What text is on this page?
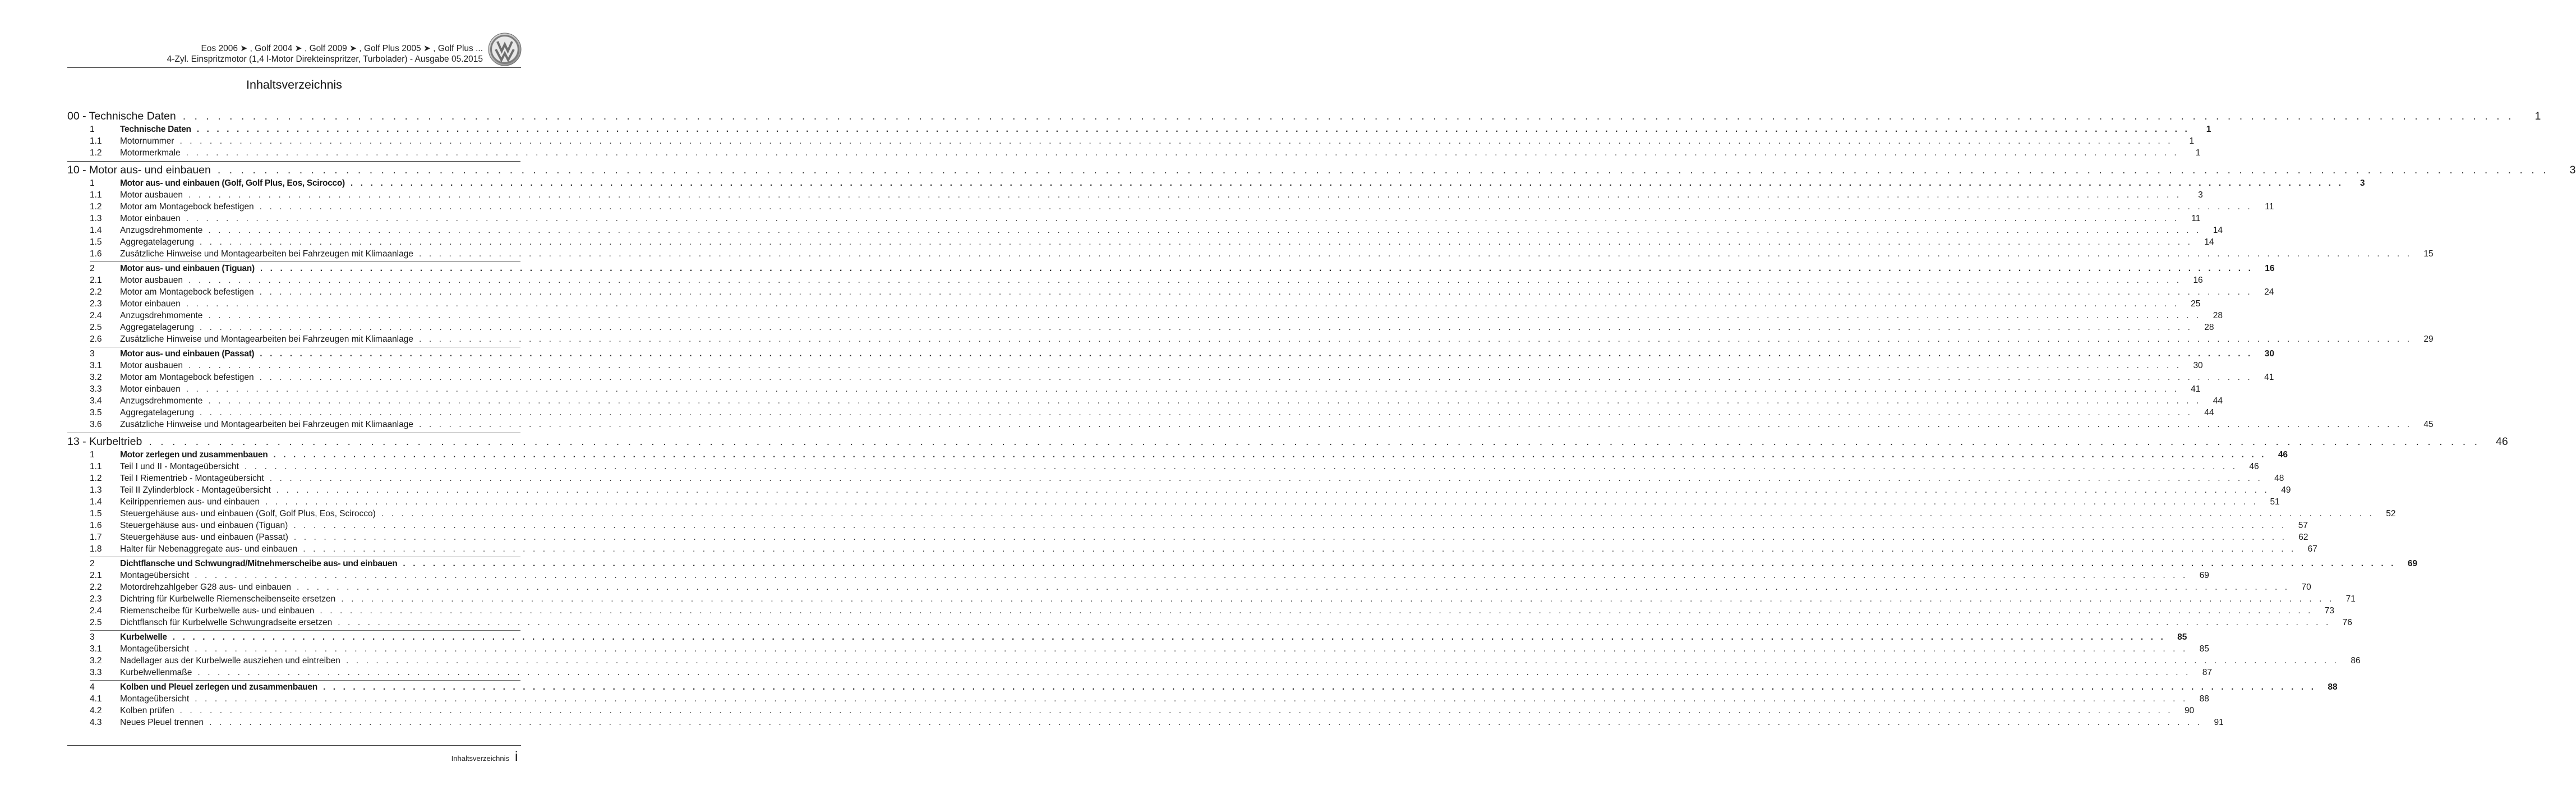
Eos 2006 ➤ , Golf 2004 ➤ , Golf 2009 ➤ , Golf Plus 2005 ➤ , Golf Plus ...
4-Zyl. Einspritzmotor (1,4 l-Motor Direkteinspritzer, Turbolader) - Ausgabe 05.2015
Inhaltsverzeichnis
00 - Technische Daten . . . . . . . . . . . . . . . . . . . . . . . . . . . . . . . . . . . . . . . . . . . . . . . . . . . . . . . . . . . . . . . . . . . . . . . . . . . . . . . . . . . . . . . . . . . . . . . . . . . . . . . . . . . . . . . . . . . . . . . . . . . . . . . . . . . . . . . . . . . . . . . . . . . . . . . . . . . . . . . . . . . . . . . . . . . . . . . . . . . . . . . . . . . . . . . . . . . . . . . .	1
1	Technische Daten . . . . . . . . . . . . . . . . . . . . . . . . . . . . . . . . . . . . . . . . . . . . . . . . . . . . . . . . . . . . . . . . . . . . . . . . . . . . . . . . . . . . . . . . . . . . . . . . . . . . . . . . . . . . . . . . . . . . . . . . . . . . . . . . . . . . . . . . . . . . . . . . . . . . . . . . . . . . . . . . . . . . . . . . . . . . . . . . . . . . . . . . . . . . . . . . . . . . . . . .	1
1.1	Motornummer . . . . . . . . . . . . . . . . . . . . . . . . . . . . . . . . . . . . . . . . . . . . . . . . . . . . . . . . . . . . . . . . . . . . . . . . . . . . . . . . . . . . . . . . . . . . . . . . . . . . . . . . . . . . . . . . . . . . . . . . . . . . . . . . . . . . . . . . . . . . . . . . . . . . . . . . . . . . . . . . . . . . . . . . . . . . . . . . . . . . . . . . . . . . . . . . . . . . . . . .	1
1.2	Motormerkmale . . . . . . . . . . . . . . . . . . . . . . . . . . . . . . . . . . . . . . . . . . . . . . . . . . . . . . . . . . . . . . . . . . . . . . . . . . . . . . . . . . . . . . . . . . . . . . . . . . . . . . . . . . . . . . . . . . . . . . . . . . . . . . . . . . . . . . . . . . . . . . . . . . . . . . . . . . . . . . . . . . . . . . . . . . . . . . . . . . . . . . . . . . . . . . . . . . . . . . . .	1
10 - Motor aus- und einbauen . . . . . . . . . . . . . . . . . . . . . . . . . . . . . . . . . . . . . . . . . . . . . . . . . . . . . . . . . . . . . . . . . . . . . . . . . . . . . . . . . . . . . . . . . . . . . . . . . . . . . . . . . . . . . . . . . . . . . . . . . . . . . . . . . . . . . . . . . . . . . . . . . . . . . . . . . . . . . . . . . . . . . . . . . . . . . . . . . . . . . . . . . . . . . . . . . . . . . . . .	3
1	Motor aus- und einbauen (Golf, Golf Plus, Eos, Scirocco) . . . . . . . . . . . . . . . . . . . . . . . . . . . . . . . . . . . . . . . . . . . . . . . . . . . . . . . . . . . . . . . . . . . . . . . . . . . . . . . . . . . . . . . . . . . . . . . . . . . . . . . . . . . . . . . . . . . . . . . . . . . . . . . . . . . . . . . . . . . . . . . . . . . . . . . . . . . . . . . . . . . . . . . . . . . . . . . . . . . . . . . . . . . . . . . . . . . . . . . .	3
1.1	Motor ausbauen . . . . . . . . . . . . . . . . . . . . . . . . . . . . . . . . . . . . . . . . . . . . . . . . . . . . . . . . . . . . . . . . . . . . . . . . . . . . . . . . . . . . . . . . . . . . . . . . . . . . . . . . . . . . . . . . . . . . . . . . . . . . . . . . . . . . . . . . . . . . . . . . . . . . . . . . . . . . . . . . . . . . . . . . . . . . . . . . . . . . . . . . . . . . . . . . . . . . . . . .	3
1.2	Motor am Montagebock befestigen . . . . . . . . . . . . . . . . . . . . . . . . . . . . . . . . . . . . . . . . . . . . . . . . . . . . . . . . . . . . . . . . . . . . . . . . . . . . . . . . . . . . . . . . . . . . . . . . . . . . . . . . . . . . . . . . . . . . . . . . . . . . . . . . . . . . . . . . . . . . . . . . . . . . . . . . . . . . . . . . . . . . . . . . . . . . . . . . . . . . . . . . . . . . . . . . . . . . . . . .	11
1.3	Motor einbauen . . . . . . . . . . . . . . . . . . . . . . . . . . . . . . . . . . . . . . . . . . . . . . . . . . . . . . . . . . . . . . . . . . . . . . . . . . . . . . . . . . . . . . . . . . . . . . . . . . . . . . . . . . . . . . . . . . . . . . . . . . . . . . . . . . . . . . . . . . . . . . . . . . . . . . . . . . . . . . . . . . . . . . . . . . . . . . . . . . . . . . . . . . . . . . . . . . . . . . . .	11
1.4	Anzugsdrehmomente . . . . . . . . . . . . . . . . . . . . . . . . . . . . . . . . . . . . . . . . . . . . . . . . . . . . . . . . . . . . . . . . . . . . . . . . . . . . . . . . . . . . . . . . . . . . . . . . . . . . . . . . . . . . . . . . . . . . . . . . . . . . . . . . . . . . . . . . . . . . . . . . . . . . . . . . . . . . . . . . . . . . . . . . . . . . . . . . . . . . . . . . . . . . . . . . . . . . . . . .	14
1.5	Aggregatelagerung . . . . . . . . . . . . . . . . . . . . . . . . . . . . . . . . . . . . . . . . . . . . . . . . . . . . . . . . . . . . . . . . . . . . . . . . . . . . . . . . . . . . . . . . . . . . . . . . . . . . . . . . . . . . . . . . . . . . . . . . . . . . . . . . . . . . . . . . . . . . . . . . . . . . . . . . . . . . . . . . . . . . . . . . . . . . . . . . . . . . . . . . . . . . . . . . . . . . . . . .	14
1.6	Zusätzliche Hinweise und Montagearbeiten bei Fahrzeugen mit Klimaanlage . . . . . . . . . . . . . . . . . . . . . . . . . . . . . . . . . . . . . . . . . . . . . . . . . . . . . . . . . . . . . . . . . . . . . . . . . . . . . . . . . . . . . . . . . . . . . . . . . . . . . . . . . . . . . . . . . . . . . . . . . . . . . . . . . . . . . . . . . . . . . . . . . . . . . . . . . . . . . . . . . . . . . . . . . . . . . . . . . . . . . . . . . . . . . . . . . . . . . . . .	15
2	Motor aus- und einbauen (Tiguan) . . . . . . . . . . . . . . . . . . . . . . . . . . . . . . . . . . . . . . . . . . . . . . . . . . . . . . . . . . . . . . . . . . . . . . . . . . . . . . . . . . . . . . . . . . . . . . . . . . . . . . . . . . . . . . . . . . . . . . . . . . . . . . . . . . . . . . . . . . . . . . . . . . . . . . . . . . . . . . . . . . . . . . . . . . . . . . . . . . . . . . . . . . . . . . . . . . . . . . . .	16
2.1	Motor ausbauen . . . . . . . . . . . . . . . . . . . . . . . . . . . . . . . . . . . . . . . . . . . . . . . . . . . . . . . . . . . . . . . . . . . . . . . . . . . . . . . . . . . . . . . . . . . . . . . . . . . . . . . . . . . . . . . . . . . . . . . . . . . . . . . . . . . . . . . . . . . . . . . . . . . . . . . . . . . . . . . . . . . . . . . . . . . . . . . . . . . . . . . . . . . . . . . . . . . . . . . .	16
2.2	Motor am Montagebock befestigen . . . . . . . . . . . . . . . . . . . . . . . . . . . . . . . . . . . . . . . . . . . . . . . . . . . . . . . . . . . . . . . . . . . . . . . . . . . . . . . . . . . . . . . . . . . . . . . . . . . . . . . . . . . . . . . . . . . . . . . . . . . . . . . . . . . . . . . . . . . . . . . . . . . . . . . . . . . . . . . . . . . . . . . . . . . . . . . . . . . . . . . . . . . . . . . . . . . . . . . .	24
2.3	Motor einbauen . . . . . . . . . . . . . . . . . . . . . . . . . . . . . . . . . . . . . . . . . . . . . . . . . . . . . . . . . . . . . . . . . . . . . . . . . . . . . . . . . . . . . . . . . . . . . . . . . . . . . . . . . . . . . . . . . . . . . . . . . . . . . . . . . . . . . . . . . . . . . . . . . . . . . . . . . . . . . . . . . . . . . . . . . . . . . . . . . . . . . . . . . . . . . . . . . . . . . . . .	25
2.4	Anzugsdrehmomente . . . . . . . . . . . . . . . . . . . . . . . . . . . . . . . . . . . . . . . . . . . . . . . . . . . . . . . . . . . . . . . . . . . . . . . . . . . . . . . . . . . . . . . . . . . . . . . . . . . . . . . . . . . . . . . . . . . . . . . . . . . . . . . . . . . . . . . . . . . . . . . . . . . . . . . . . . . . . . . . . . . . . . . . . . . . . . . . . . . . . . . . . . . . . . . . . . . . . . . .	28
2.5	Aggregatelagerung . . . . . . . . . . . . . . . . . . . . . . . . . . . . . . . . . . . . . . . . . . . . . . . . . . . . . . . . . . . . . . . . . . . . . . . . . . . . . . . . . . . . . . . . . . . . . . . . . . . . . . . . . . . . . . . . . . . . . . . . . . . . . . . . . . . . . . . . . . . . . . . . . . . . . . . . . . . . . . . . . . . . . . . . . . . . . . . . . . . . . . . . . . . . . . . . . . . . . . . .	28
2.6	Zusätzliche Hinweise und Montagearbeiten bei Fahrzeugen mit Klimaanlage . . . . . . . . . . . . . . . . . . . . . . . . . . . . . . . . . . . . . . . . . . . . . . . . . . . . . . . . . . . . . . . . . . . . . . . . . . . . . . . . . . . . . . . . . . . . . . . . . . . . . . . . . . . . . . . . . . . . . . . . . . . . . . . . . . . . . . . . . . . . . . . . . . . . . . . . . . . . . . . . . . . . . . . . . . . . . . . . . . . . . . . . . . . . . . . . . . . . . . . .	29
3	Motor aus- und einbauen (Passat) . . . . . . . . . . . . . . . . . . . . . . . . . . . . . . . . . . . . . . . . . . . . . . . . . . . . . . . . . . . . . . . . . . . . . . . . . . . . . . . . . . . . . . . . . . . . . . . . . . . . . . . . . . . . . . . . . . . . . . . . . . . . . . . . . . . . . . . . . . . . . . . . . . . . . . . . . . . . . . . . . . . . . . . . . . . . . . . . . . . . . . . . . . . . . . . . . . . . . . . .	30
3.1	Motor ausbauen . . . . . . . . . . . . . . . . . . . . . . . . . . . . . . . . . . . . . . . . . . . . . . . . . . . . . . . . . . . . . . . . . . . . . . . . . . . . . . . . . . . . . . . . . . . . . . . . . . . . . . . . . . . . . . . . . . . . . . . . . . . . . . . . . . . . . . . . . . . . . . . . . . . . . . . . . . . . . . . . . . . . . . . . . . . . . . . . . . . . . . . . . . . . . . . . . . . . . . . .	30
3.2	Motor am Montagebock befestigen . . . . . . . . . . . . . . . . . . . . . . . . . . . . . . . . . . . . . . . . . . . . . . . . . . . . . . . . . . . . . . . . . . . . . . . . . . . . . . . . . . . . . . . . . . . . . . . . . . . . . . . . . . . . . . . . . . . . . . . . . . . . . . . . . . . . . . . . . . . . . . . . . . . . . . . . . . . . . . . . . . . . . . . . . . . . . . . . . . . . . . . . . . . . . . . . . . . . . . . .	41
3.3	Motor einbauen . . . . . . . . . . . . . . . . . . . . . . . . . . . . . . . . . . . . . . . . . . . . . . . . . . . . . . . . . . . . . . . . . . . . . . . . . . . . . . . . . . . . . . . . . . . . . . . . . . . . . . . . . . . . . . . . . . . . . . . . . . . . . . . . . . . . . . . . . . . . . . . . . . . . . . . . . . . . . . . . . . . . . . . . . . . . . . . . . . . . . . . . . . . . . . . . . . . . . . . .	41
3.4	Anzugsdrehmomente . . . . . . . . . . . . . . . . . . . . . . . . . . . . . . . . . . . . . . . . . . . . . . . . . . . . . . . . . . . . . . . . . . . . . . . . . . . . . . . . . . . . . . . . . . . . . . . . . . . . . . . . . . . . . . . . . . . . . . . . . . . . . . . . . . . . . . . . . . . . . . . . . . . . . . . . . . . . . . . . . . . . . . . . . . . . . . . . . . . . . . . . . . . . . . . . . . . . . . . .	44
3.5	Aggregatelagerung . . . . . . . . . . . . . . . . . . . . . . . . . . . . . . . . . . . . . . . . . . . . . . . . . . . . . . . . . . . . . . . . . . . . . . . . . . . . . . . . . . . . . . . . . . . . . . . . . . . . . . . . . . . . . . . . . . . . . . . . . . . . . . . . . . . . . . . . . . . . . . . . . . . . . . . . . . . . . . . . . . . . . . . . . . . . . . . . . . . . . . . . . . . . . . . . . . . . . . . .	44
3.6	Zusätzliche Hinweise und Montagearbeiten bei Fahrzeugen mit Klimaanlage . . . . . . . . . . . . . . . . . . . . . . . . . . . . . . . . . . . . . . . . . . . . . . . . . . . . . . . . . . . . . . . . . . . . . . . . . . . . . . . . . . . . . . . . . . . . . . . . . . . . . . . . . . . . . . . . . . . . . . . . . . . . . . . . . . . . . . . . . . . . . . . . . . . . . . . . . . . . . . . . . . . . . . . . . . . . . . . . . . . . . . . . . . . . . . . . . . . . . . . .	45
13 - Kurbeltrieb . . . . . . . . . . . . . . . . . . . . . . . . . . . . . . . . . . . . . . . . . . . . . . . . . . . . . . . . . . . . . . . . . . . . . . . . . . . . . . . . . . . . . . . . . . . . . . . . . . . . . . . . . . . . . . . . . . . . . . . . . . . . . . . . . . . . . . . . . . . . . . . . . . . . . . . . . . . . . . . . . . . . . . . . . . . . . . . . . . . . . . . . . . . . . . . . . . . . . . . . 46
1	Motor zerlegen und zusammenbauen . . . . . . . . . . . . . . . . . . . . . . . . . . . . . . . . . . . . . . . . . . . . . . . . . . . . . . . . . . . . . . . . . . . . . . . . . . . . . . . . . . . . . . . . . . . . . . . . . . . . . . . . . . . . . . . . . . . . . . . . . . . . . . . . . . . . . . . . . . . . . . . . . . . . . . . . . . . . . . . . . . . . . . . . . . . . . . . . . . . . . . . . . . . . . . . . . . . . . . . .	46
1.1	Teil I und II - Montageübersicht . . . . . . . . . . . . . . . . . . . . . . . . . . . . . . . . . . . . . . . . . . . . . . . . . . . . . . . . . . . . . . . . . . . . . . . . . . . . . . . . . . . . . . . . . . . . . . . . . . . . . . . . . . . . . . . . . . . . . . . . . . . . . . . . . . . . . . . . . . . . . . . . . . . . . . . . . . . . . . . . . . . . . . . . . . . . . . . . . . . . . . . . . . . . . . . . . . . . . . . .	46
1.2	Teil I Riementrieb - Montageübersicht . . . . . . . . . . . . . . . . . . . . . . . . . . . . . . . . . . . . . . . . . . . . . . . . . . . . . . . . . . . . . . . . . . . . . . . . . . . . . . . . . . . . . . . . . . . . . . . . . . . . . . . . . . . . . . . . . . . . . . . . . . . . . . . . . . . . . . . . . . . . . . . . . . . . . . . . . . . . . . . . . . . . . . . . . . . . . . . . . . . . . . . . . . . . . . . . . . . . . . . .	48
1.3	Teil II Zylinderblock - Montageübersicht . . . . . . . . . . . . . . . . . . . . . . . . . . . . . . . . . . . . . . . . . . . . . . . . . . . . . . . . . . . . . . . . . . . . . . . . . . . . . . . . . . . . . . . . . . . . . . . . . . . . . . . . . . . . . . . . . . . . . . . . . . . . . . . . . . . . . . . . . . . . . . . . . . . . . . . . . . . . . . . . . . . . . . . . . . . . . . . . . . . . . . . . . . . . . . . . . . . . . . . .	49
1.4	Keilrippenriemen aus- und einbauen . . . . . . . . . . . . . . . . . . . . . . . . . . . . . . . . . . . . . . . . . . . . . . . . . . . . . . . . . . . . . . . . . . . . . . . . . . . . . . . . . . . . . . . . . . . . . . . . . . . . . . . . . . . . . . . . . . . . . . . . . . . . . . . . . . . . . . . . . . . . . . . . . . . . . . . . . . . . . . . . . . . . . . . . . . . . . . . . . . . . . . . . . . . . . . . . . . . . . . . .	51
1.5	Steuergehäuse aus- und einbauen (Golf, Golf Plus, Eos, Scirocco) . . . . . . . . . . . . . . . . . . . . . . . . . . . . . . . . . . . . . . . . . . . . . . . . . . . . . . . . . . . . . . . . . . . . . . . . . . . . . . . . . . . . . . . . . . . . . . . . . . . . . . . . . . . . . . . . . . . . . . . . . . . . . . . . . . . . . . . . . . . . . . . . . . . . . . . . . . . . . . . . . . . . . . . . . . . . . . . . . . . . . . . . . . . . . . . . . . . . . . . .	52
1.6	Steuergehäuse aus- und einbauen (Tiguan) . . . . . . . . . . . . . . . . . . . . . . . . . . . . . . . . . . . . . . . . . . . . . . . . . . . . . . . . . . . . . . . . . . . . . . . . . . . . . . . . . . . . . . . . . . . . . . . . . . . . . . . . . . . . . . . . . . . . . . . . . . . . . . . . . . . . . . . . . . . . . . . . . . . . . . . . . . . . . . . . . . . . . . . . . . . . . . . . . . . . . . . . . . . . . . . . . . . . . . . .	57
1.7	Steuergehäuse aus- und einbauen (Passat) . . . . . . . . . . . . . . . . . . . . . . . . . . . . . . . . . . . . . . . . . . . . . . . . . . . . . . . . . . . . . . . . . . . . . . . . . . . . . . . . . . . . . . . . . . . . . . . . . . . . . . . . . . . . . . . . . . . . . . . . . . . . . . . . . . . . . . . . . . . . . . . . . . . . . . . . . . . . . . . . . . . . . . . . . . . . . . . . . . . . . . . . . . . . . . . . . . . . . . . .	62
1.8	Halter für Nebenaggregate aus- und einbauen . . . . . . . . . . . . . . . . . . . . . . . . . . . . . . . . . . . . . . . . . . . . . . . . . . . . . . . . . . . . . . . . . . . . . . . . . . . . . . . . . . . . . . . . . . . . . . . . . . . . . . . . . . . . . . . . . . . . . . . . . . . . . . . . . . . . . . . . . . . . . . . . . . . . . . . . . . . . . . . . . . . . . . . . . . . . . . . . . . . . . . . . . . . . . . . . . . . . . . . .	67
2	Dichtflansche und Schwungrad/Mitnehmerscheibe aus- und einbauen . . . . . . . . . . . . . . . . . . . . . . . . . . . . . . . . . . . . . . . . . . . . . . . . . . . . . . . . . . . . . . . . . . . . . . . . . . . . . . . . . . . . . . . . . . . . . . . . . . . . . . . . . . . . . . . . . . . . . . . . . . . . . . . . . . . . . . . . . . . . . . . . . . . . . . . . . . . . . . . . . . . . . . . . . . . . . . . . . . . . . . . . . . . . . . . . . . . . . . . .	69
2.1	Montageübersicht . . . . . . . . . . . . . . . . . . . . . . . . . . . . . . . . . . . . . . . . . . . . . . . . . . . . . . . . . . . . . . . . . . . . . . . . . . . . . . . . . . . . . . . . . . . . . . . . . . . . . . . . . . . . . . . . . . . . . . . . . . . . . . . . . . . . . . . . . . . . . . . . . . . . . . . . . . . . . . . . . . . . . . . . . . . . . . . . . . . . . . . . . . . . . . . . . . . . . . . .	69
2.2	Motordrehzahlgeber G28 aus- und einbauen . . . . . . . . . . . . . . . . . . . . . . . . . . . . . . . . . . . . . . . . . . . . . . . . . . . . . . . . . . . . . . . . . . . . . . . . . . . . . . . . . . . . . . . . . . . . . . . . . . . . . . . . . . . . . . . . . . . . . . . . . . . . . . . . . . . . . . . . . . . . . . . . . . . . . . . . . . . . . . . . . . . . . . . . . . . . . . . . . . . . . . . . . . . . . . . . . . . . . . . .	70
2.3	Dichtring für Kurbelwelle Riemenscheibenseite ersetzen . . . . . . . . . . . . . . . . . . . . . . . . . . . . . . . . . . . . . . . . . . . . . . . . . . . . . . . . . . . . . . . . . . . . . . . . . . . . . . . . . . . . . . . . . . . . . . . . . . . . . . . . . . . . . . . . . . . . . . . . . . . . . . . . . . . . . . . . . . . . . . . . . . . . . . . . . . . . . . . . . . . . . . . . . . . . . . . . . . . . . . . . . . . . . . . . . . . . . . . .	71
2.4	Riemenscheibe für Kurbelwelle aus- und einbauen . . . . . . . . . . . . . . . . . . . . . . . . . . . . . . . . . . . . . . . . . . . . . . . . . . . . . . . . . . . . . . . . . . . . . . . . . . . . . . . . . . . . . . . . . . . . . . . . . . . . . . . . . . . . . . . . . . . . . . . . . . . . . . . . . . . . . . . . . . . . . . . . . . . . . . . . . . . . . . . . . . . . . . . . . . . . . . . . . . . . . . . . . . . . . . . . . . . . . . . .	73
2.5	Dichtflansch für Kurbelwelle Schwungradseite ersetzen . . . . . . . . . . . . . . . . . . . . . . . . . . . . . . . . . . . . . . . . . . . . . . . . . . . . . . . . . . . . . . . . . . . . . . . . . . . . . . . . . . . . . . . . . . . . . . . . . . . . . . . . . . . . . . . . . . . . . . . . . . . . . . . . . . . . . . . . . . . . . . . . . . . . . . . . . . . . . . . . . . . . . . . . . . . . . . . . . . . . . . . . . . . . . . . . . . . . . . . .	76
3	Kurbelwelle . . . . . . . . . . . . . . . . . . . . . . . . . . . . . . . . . . . . . . . . . . . . . . . . . . . . . . . . . . . . . . . . . . . . . . . . . . . . . . . . . . . . . . . . . . . . . . . . . . . . . . . . . . . . . . . . . . . . . . . . . . . . . . . . . . . . . . . . . . . . . . . . . . . . . . . . . . . . . . . . . . . . . . . . . . . . . . . . . . . . . . . . . . . . . . . . . . . . . . . .	85
3.1	Montageübersicht . . . . . . . . . . . . . . . . . . . . . . . . . . . . . . . . . . . . . . . . . . . . . . . . . . . . . . . . . . . . . . . . . . . . . . . . . . . . . . . . . . . . . . . . . . . . . . . . . . . . . . . . . . . . . . . . . . . . . . . . . . . . . . . . . . . . . . . . . . . . . . . . . . . . . . . . . . . . . . . . . . . . . . . . . . . . . . . . . . . . . . . . . . . . . . . . . . . . . . . .	85
3.2	Nadellager aus der Kurbelwelle ausziehen und eintreiben . . . . . . . . . . . . . . . . . . . . . . . . . . . . . . . . . . . . . . . . . . . . . . . . . . . . . . . . . . . . . . . . . . . . . . . . . . . . . . . . . . . . . . . . . . . . . . . . . . . . . . . . . . . . . . . . . . . . . . . . . . . . . . . . . . . . . . . . . . . . . . . . . . . . . . . . . . . . . . . . . . . . . . . . . . . . . . . . . . . . . . . . . . . . . . . . . . . . . . . .	86
3.3	Kurbelwellenmaße . . . . . . . . . . . . . . . . . . . . . . . . . . . . . . . . . . . . . . . . . . . . . . . . . . . . . . . . . . . . . . . . . . . . . . . . . . . . . . . . . . . . . . . . . . . . . . . . . . . . . . . . . . . . . . . . . . . . . . . . . . . . . . . . . . . . . . . . . . . . . . . . . . . . . . . . . . . . . . . . . . . . . . . . . . . . . . . . . . . . . . . . . . . . . . . . . . . . . . . .	87
4	Kolben und Pleuel zerlegen und zusammenbauen . . . . . . . . . . . . . . . . . . . . . . . . . . . . . . . . . . . . . . . . . . . . . . . . . . . . . . . . . . . . . . . . . . . . . . . . . . . . . . . . . . . . . . . . . . . . . . . . . . . . . . . . . . . . . . . . . . . . . . . . . . . . . . . . . . . . . . . . . . . . . . . . . . . . . . . . . . . . . . . . . . . . . . . . . . . . . . . . . . . . . . . . . . . . . . . . . . . . . . . .	88
4.1	Montageübersicht . . . . . . . . . . . . . . . . . . . . . . . . . . . . . . . . . . . . . . . . . . . . . . . . . . . . . . . . . . . . . . . . . . . . . . . . . . . . . . . . . . . . . . . . . . . . . . . . . . . . . . . . . . . . . . . . . . . . . . . . . . . . . . . . . . . . . . . . . . . . . . . . . . . . . . . . . . . . . . . . . . . . . . . . . . . . . . . . . . . . . . . . . . . . . . . . . . . . . . . .	88
4.2	Kolben prüfen . . . . . . . . . . . . . . . . . . . . . . . . . . . . . . . . . . . . . . . . . . . . . . . . . . . . . . . . . . . . . . . . . . . . . . . . . . . . . . . . . . . . . . . . . . . . . . . . . . . . . . . . . . . . . . . . . . . . . . . . . . . . . . . . . . . . . . . . . . . . . . . . . . . . . . . . . . . . . . . . . . . . . . . . . . . . . . . . . . . . . . . . . . . . . . . . . . . . . . . .	90
4.3	Neues Pleuel trennen . . . . . . . . . . . . . . . . . . . . . . . . . . . . . . . . . . . . . . . . . . . . . . . . . . . . . . . . . . . . . . . . . . . . . . . . . . . . . . . . . . . . . . . . . . . . . . . . . . . . . . . . . . . . . . . . . . . . . . . . . . . . . . . . . . . . . . . . . . . . . . . . . . . . . . . . . . . . . . . . . . . . . . . . . . . . . . . . . . . . . . . . . . . . . . . . . . . . . . . .	91
Inhaltsverzeichnis i
